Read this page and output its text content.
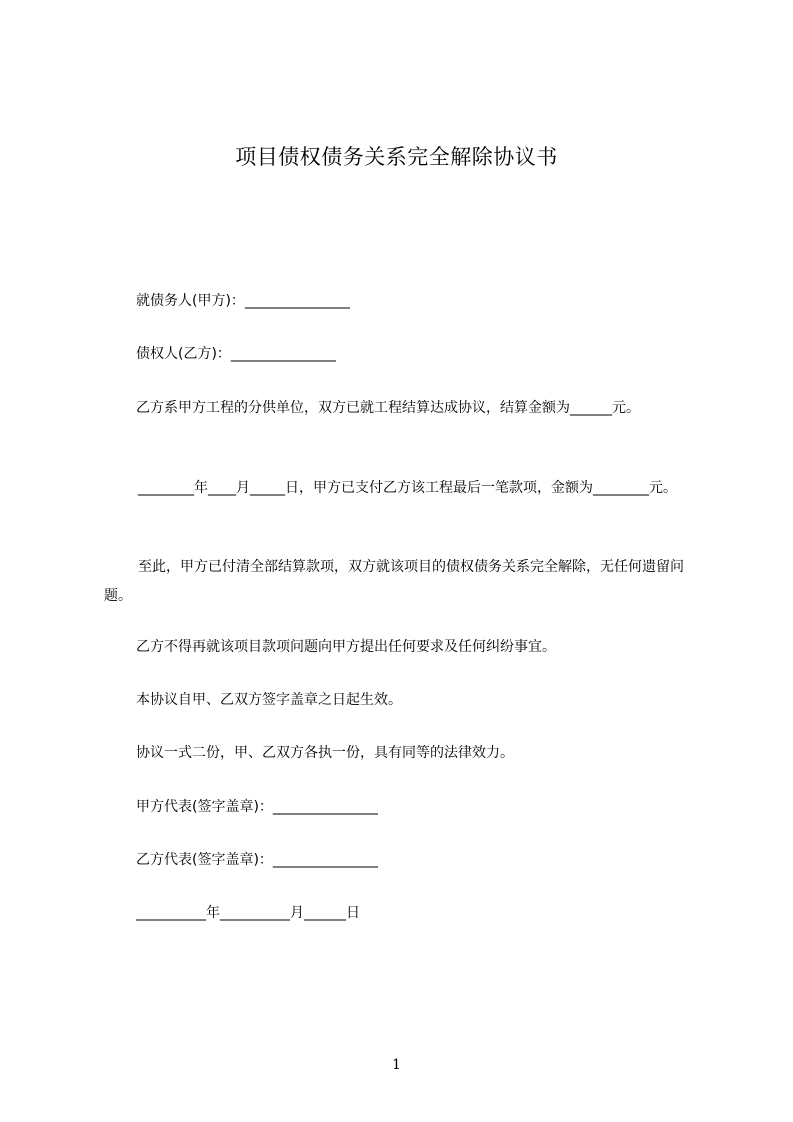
项目债权债务关系完全解除协议书
就债务人(甲方)：_______________
债权人(乙方)：_______________
乙方系甲方工程的分供单位，双方已就工程结算达成协议，结算金额为______元。
________年____月_____日，甲方已支付乙方该工程最后一笔款项，金额为________元。
至此，甲方已付清全部结算款项，双方就该项目的债权债务关系完全解除，无任何遗留问题。
乙方不得再就该项目款项问题向甲方提出任何要求及任何纠纷事宜。
本协议自甲、乙双方签字盖章之日起生效。
协议一式二份，甲、乙双方各执一份，具有同等的法律效力。
甲方代表(签字盖章)：_______________
乙方代表(签字盖章)：_______________
__________年__________月______日
1
